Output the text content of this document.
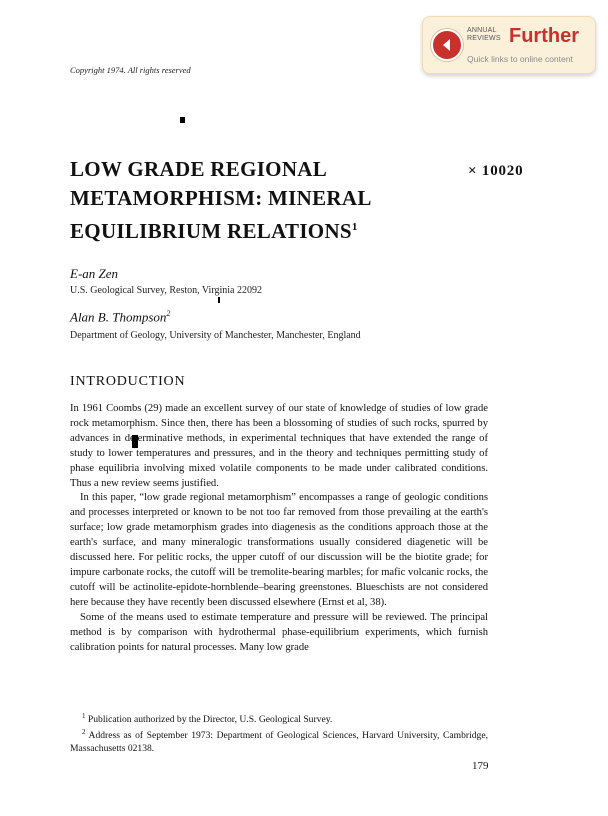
ANNUAL
REVIEWS Further
Quick links to online content
Copyright 1974. All rights reserved
LOW GRADE REGIONAL
METAMORPHISM: MINERAL
EQUILIBRIUM $RELATIONS^1$
× 10020
E-an Zen
U.S. Geological Survey, Reston, Virginia 22092
Alan B. Thompson$^2$
Department of Geology, University of Manchester, Manchester, England
INTRODUCTION

In 1961 Coombs (29) made an excellent survey of our state of knowledge of studies of low grade rock metamorphism. Since then, there has been a blossoming of studies of such rocks, spurred by advances in determinative methods, in experimental techniques that have extended the range of study to lower temperatures and pressures, and in the theory and techniques permitting study of phase equilibria involving mixed volatile components to be made under calibrated conditions. Thus a new review seems justified.

In this paper, “low grade regional metamorphism” encompasses a range of geologic conditions and processes interpreted or known to be not too far removed from those prevailing at the earth's surface; low grade metamorphism grades into diagenesis as the conditions approach those at the earth's surface, and many mineralogic transformations usually considered diagenetic will be discussed here. For pelitic rocks, the upper cutoff of our discussion will be the biotite grade; for impure carbonate rocks, the cutoff will be tremolite-bearing marbles; for mafic volcanic rocks, the cutoff will be actinolite-epidote-hornblende–bearing greenstones. Blueschists are not considered here because they have recently been discussed elsewhere (Ernst et al, 38).

Some of the means used to estimate temperature and pressure will be reviewed. The principal method is by comparison with hydrothermal phase-equilibrium experiments, which furnish calibration points for natural processes. Many low grade

$^1$ Publication authorized by the Director, U.S. Geological Survey.

$^2$ Address as of September 1973: Department of Geological Sciences, Harvard University, Cambridge, Massachusetts 02138.

179
